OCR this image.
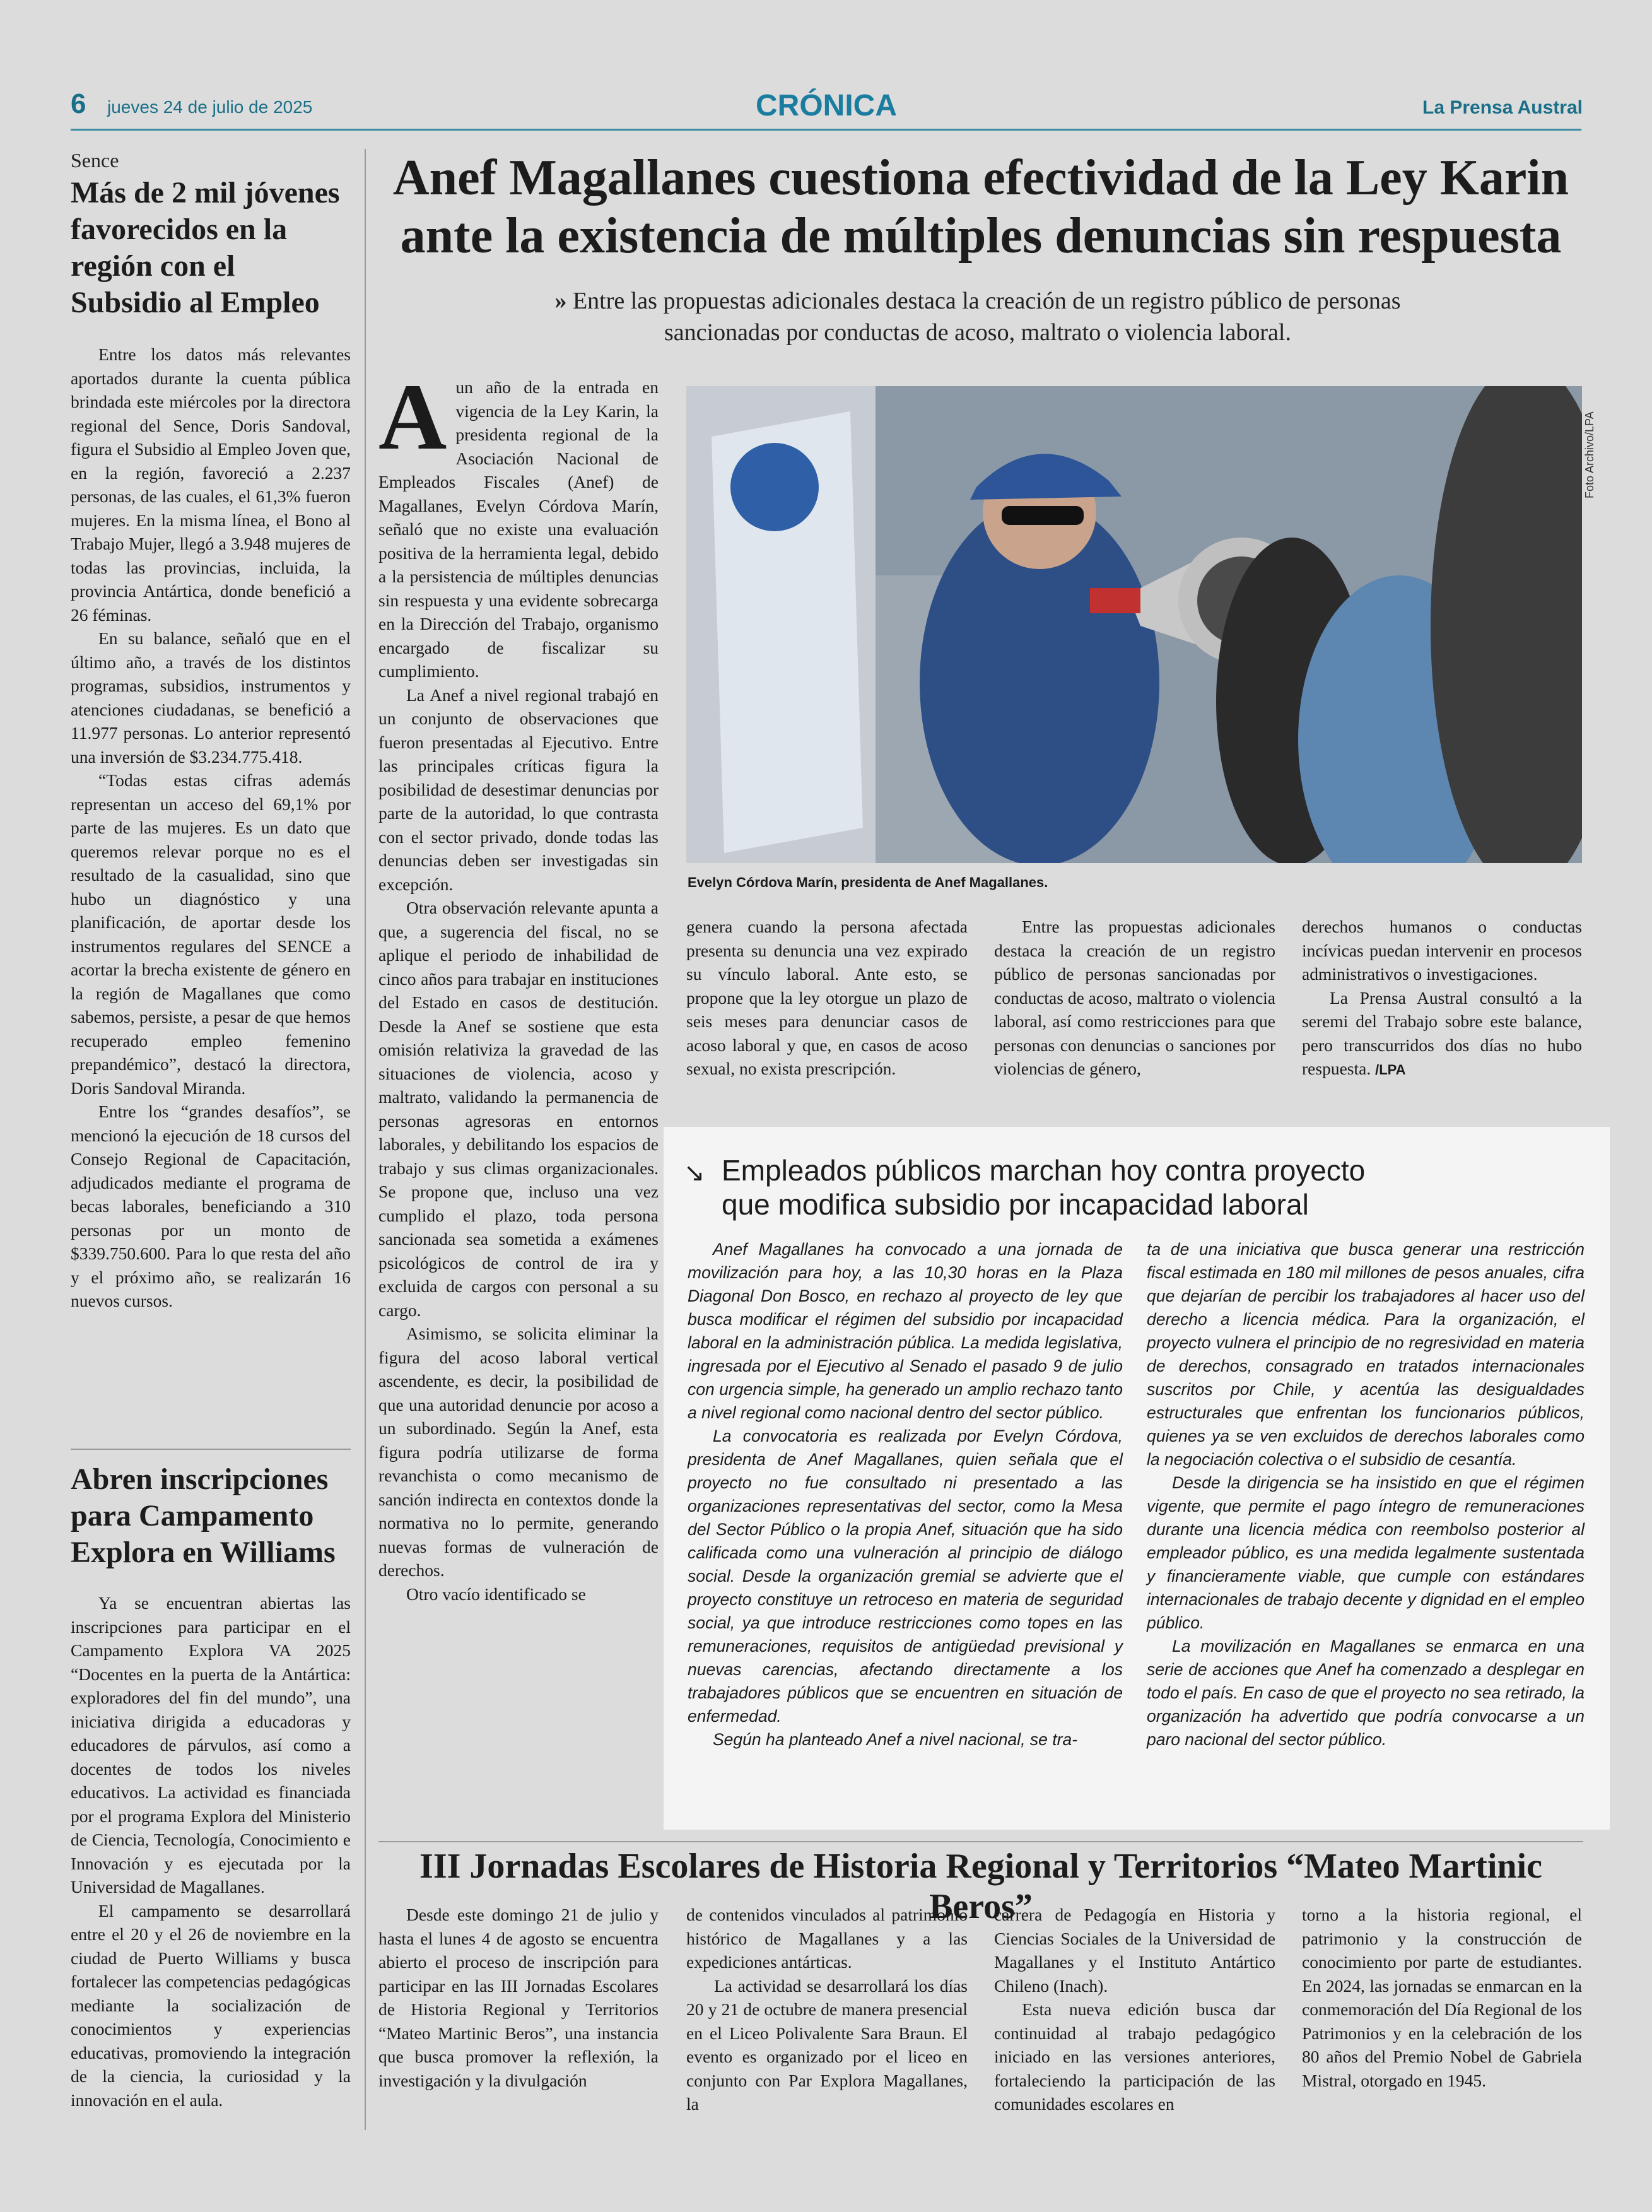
6 jueves 24 de julio de 2025	CRÓNICA	La Prensa Austral
Sence
Más de 2 mil jóvenes favorecidos en la región con el Subsidio al Empleo

Entre los datos más relevantes aportados durante la cuenta pública brindada este miércoles por la directora regional del Sence, Doris Sandoval, figura el Subsidio al Empleo Joven que, en la región, favoreció a 2.237 personas, de las cuales, el 61,3% fueron mujeres. En la misma línea, el Bono al Trabajo Mujer, llegó a 3.948 mujeres de todas las provincias, incluida, la provincia Antártica, donde benefició a 26 féminas.

En su balance, señaló que en el último año, a través de los distintos programas, subsidios, instrumentos y atenciones ciudadanas, se benefició a 11.977 personas. Lo anterior representó una inversión de $3.234.775.418.

“Todas estas cifras además representan un acceso del 69,1% por parte de las mujeres. Es un dato que queremos relevar porque no es el resultado de la casualidad, sino que hubo un diagnóstico y una planificación, de aportar desde los instrumentos regulares del SENCE a acortar la brecha existente de género en la región de Magallanes que como sabemos, persiste, a pesar de que hemos recuperado empleo femenino prepandémico”, destacó la directora, Doris Sandoval Miranda.

Entre los “grandes desafíos”, se mencionó la ejecución de 18 cursos del Consejo Regional de Capacitación, adjudicados mediante el programa de becas laborales, beneficiando a 310 personas por un monto de $339.750.600. Para lo que resta del año y el próximo año, se realizarán 16 nuevos cursos.

Abren inscripciones para Campamento Explora en Williams

Ya se encuentran abiertas las inscripciones para participar en el Campamento Explora VA 2025 “Docentes en la puerta de la Antártica: exploradores del fin del mundo”, una iniciativa dirigida a educadoras y educadores de párvulos, así como a docentes de todos los niveles educativos. La actividad es financiada por el programa Explora del Ministerio de Ciencia, Tecnología, Conocimiento e Innovación y es ejecutada por la Universidad de Magallanes.

El campamento se desarrollará entre el 20 y el 26 de noviembre en la ciudad de Puerto Williams y busca fortalecer las competencias pedagógicas mediante la socialización de conocimientos y experiencias educativas, promoviendo la integración de la ciencia, la curiosidad y la innovación en el aula.

Anef Magallanes cuestiona efectividad de la Ley Karin ante la existencia de múltiples denuncias sin respuesta
» Entre las propuestas adicionales destaca la creación de un registro público de personas sancionadas por conductas de acoso, maltrato o violencia laboral.
A un año de la entrada en vigencia de la Ley Karin, la presidenta regional de la Asociación Nacional de Empleados Fiscales (Anef) de Magallanes, Evelyn Córdova Marín, señaló que no existe una evaluación positiva de la herramienta legal, debido a la persistencia de múltiples denuncias sin respuesta y una evidente sobrecarga en la Dirección del Trabajo, organismo encargado de fiscalizar su cumplimiento.

La Anef a nivel regional trabajó en un conjunto de observaciones que fueron presentadas al Ejecutivo. Entre las principales críticas figura la posibilidad de desestimar denuncias por parte de la autoridad, lo que contrasta con el sector privado, donde todas las denuncias deben ser investigadas sin excepción.

Otra observación relevante apunta a que, a sugerencia del fiscal, no se aplique el periodo de inhabilidad de cinco años para trabajar en instituciones del Estado en casos de destitución. Desde la Anef se sostiene que esta omisión relativiza la gravedad de las situaciones de violencia, acoso y maltrato, validando la permanencia de personas agresoras en entornos laborales, y debilitando los espacios de trabajo y sus climas organizacionales. Se propone que, incluso una vez cumplido el plazo, toda persona sancionada sea sometida a exámenes psicológicos de control de ira y excluida de cargos con personal a su cargo.

Asimismo, se solicita eliminar la figura del acoso laboral vertical ascendente, es decir, la posibilidad de que una autoridad denuncie por acoso a un subordinado. Según la Anef, esta figura podría utilizarse de forma revanchista o como mecanismo de sanción indirecta en contextos donde la normativa no lo permite, generando nuevas formas de vulneración de derechos.

Otro vacío identificado se

Foto Archivo/LPA
Evelyn Córdova Marín, presidenta de Anef Magallanes.

genera cuando la persona afectada presenta su denuncia una vez expirado su vínculo laboral. Ante esto, se propone que la ley otorgue un plazo de seis meses para denunciar casos de acoso laboral y que, en casos de acoso sexual, no exista prescripción.

Entre las propuestas adicionales destaca la creación de un registro público de personas sancionadas por conductas de acoso, maltrato o violencia laboral, así como restricciones para que personas con denuncias o sanciones por violencias de género,

derechos humanos o conductas incívicas puedan intervenir en procesos administrativos o investigaciones.

La Prensa Austral consultó a la seremi del Trabajo sobre este balance, pero transcurridos dos días no hubo respuesta. /LPA

↘ Empleados públicos marchan hoy contra proyecto que modifica subsidio por incapacidad laboral

Anef Magallanes ha convocado a una jornada de movilización para hoy, a las 10,30 horas en la Plaza Diagonal Don Bosco, en rechazo al proyecto de ley que busca modificar el régimen del subsidio por incapacidad laboral en la administración pública. La medida legislativa, ingresada por el Ejecutivo al Senado el pasado 9 de julio con urgencia simple, ha generado un amplio rechazo tanto a nivel regional como nacional dentro del sector público.

La convocatoria es realizada por Evelyn Córdova, presidenta de Anef Magallanes, quien señala que el proyecto no fue consultado ni presentado a las organizaciones representativas del sector, como la Mesa del Sector Público o la propia Anef, situación que ha sido calificada como una vulneración al principio de diálogo social. Desde la organización gremial se advierte que el proyecto constituye un retroceso en materia de seguridad social, ya que introduce restricciones como topes en las remuneraciones, requisitos de antigüedad previsional y nuevas carencias, afectando directamente a los trabajadores públicos que se encuentren en situación de enfermedad.

Según ha planteado Anef a nivel nacional, se tra-

ta de una iniciativa que busca generar una restricción fiscal estimada en 180 mil millones de pesos anuales, cifra que dejarían de percibir los trabajadores al hacer uso del derecho a licencia médica. Para la organización, el proyecto vulnera el principio de no regresividad en materia de derechos, consagrado en tratados internacionales suscritos por Chile, y acentúa las desigualdades estructurales que enfrentan los funcionarios públicos, quienes ya se ven excluidos de derechos laborales como la negociación colectiva o el subsidio de cesantía.

Desde la dirigencia se ha insistido en que el régimen vigente, que permite el pago íntegro de remuneraciones durante una licencia médica con reembolso posterior al empleador público, es una medida legalmente sustentada y financieramente viable, que cumple con estándares internacionales de trabajo decente y dignidad en el empleo público.

La movilización en Magallanes se enmarca en una serie de acciones que Anef ha comenzado a desplegar en todo el país. En caso de que el proyecto no sea retirado, la organización ha advertido que podría convocarse a un paro nacional del sector público.

III Jornadas Escolares de Historia Regional y Territorios “Mateo Martinic Beros”

Desde este domingo 21 de julio y hasta el lunes 4 de agosto se encuentra abierto el proceso de inscripción para participar en las III Jornadas Escolares de Historia Regional y Territorios “Mateo Martinic Beros”, una instancia que busca promover la reflexión, la investigación y la divulgación

de contenidos vinculados al patrimonio histórico de Magallanes y a las expediciones antárticas.

La actividad se desarrollará los días 20 y 21 de octubre de manera presencial en el Liceo Polivalente Sara Braun. El evento es organizado por el liceo en conjunto con Par Explora Magallanes, la

carrera de Pedagogía en Historia y Ciencias Sociales de la Universidad de Magallanes y el Instituto Antártico Chileno (Inach).

Esta nueva edición busca dar continuidad al trabajo pedagógico iniciado en las versiones anteriores, fortaleciendo la participación de las comunidades escolares en

torno a la historia regional, el patrimonio y la construcción de conocimiento por parte de estudiantes. En 2024, las jornadas se enmarcan en la conmemoración del Día Regional de los Patrimonios y en la celebración de los 80 años del Premio Nobel de Gabriela Mistral, otorgado en 1945.
